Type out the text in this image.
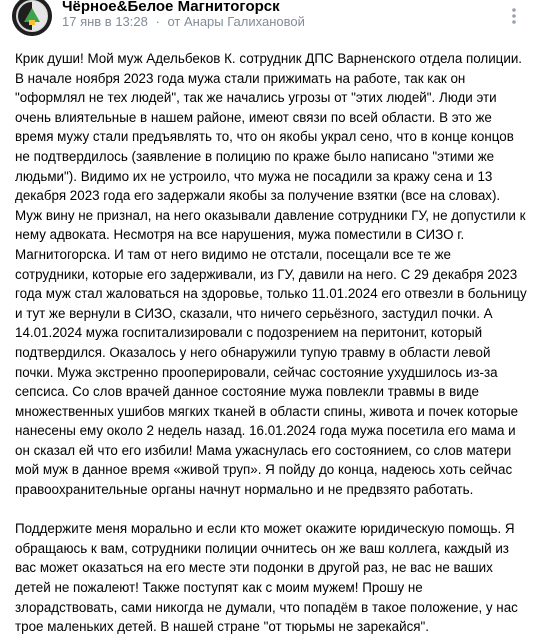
Чёрное&Белое Магнитогорск
17 янв в 13:28 · от Анары Галихановой

Крик души! Мой муж Адельбеков К. сотрудник ДПС Варненского отдела полиции. В начале ноября 2023 года мужа стали прижимать на работе, так как он "оформлял не тех людей", так же начались угрозы от "этих людей". Люди эти очень влиятельные в нашем районе, имеют связи по всей области. В это же время мужу стали предъявлять то, что он якобы украл сено, что в конце концов не подтвердилось (заявление в полицию по краже было написано "этими же людьми"). Видимо их не устроило, что мужа не посадили за кражу сена и 13 декабря 2023 года его задержали якобы за получение взятки (все на словах). Муж вину не признал, на него оказывали давление сотрудники ГУ, не допустили к нему адвоката. Несмотря на все нарушения, мужа поместили в СИЗО г. Магнитогорска. И там от него видимо не отстали, посещали все те же сотрудники, которые его задерживали, из ГУ, давили на него. С 29 декабря 2023 года муж стал жаловаться на здоровье, только 11.01.2024 его отвезли в больницу и тут же вернули в СИЗО, сказали, что ничего серьёзного, застудил почки. А 14.01.2024 мужа госпитализировали с подозрением на перитонит, который подтвердился. Оказалось у него обнаружили тупую травму в области левой почки. Мужа экстренно прооперировали, сейчас состояние ухудшилось из-за сепсиса. Со слов врачей данное состояние мужа повлекли травмы в виде множественных ушибов мягких тканей в области спины, живота и почек которые нанесены ему около 2 недель назад. 16.01.2024 года мужа посетила его мама и он сказал ей что его избили! Мама ужаснулась его состоянием, со слов матери мой муж в данное время «живой труп». Я пойду до конца, надеюсь хоть сейчас правоохранительные органы начнут нормально и не предвзято работать.

Поддержите меня морально и если кто может окажите юридическую помощь. Я обращаюсь к вам, сотрудники полиции очнитесь он же ваш коллега, каждый из вас может оказаться на его месте эти подонки в другой раз, не вас не ваших детей не пожалеют! Также поступят как с моим мужем! Прошу не злорадствовать, сами никогда не думали, что попадём в такое положение, у нас трое маленьких детей. В нашей стране "от тюрьмы не зарекайся".
